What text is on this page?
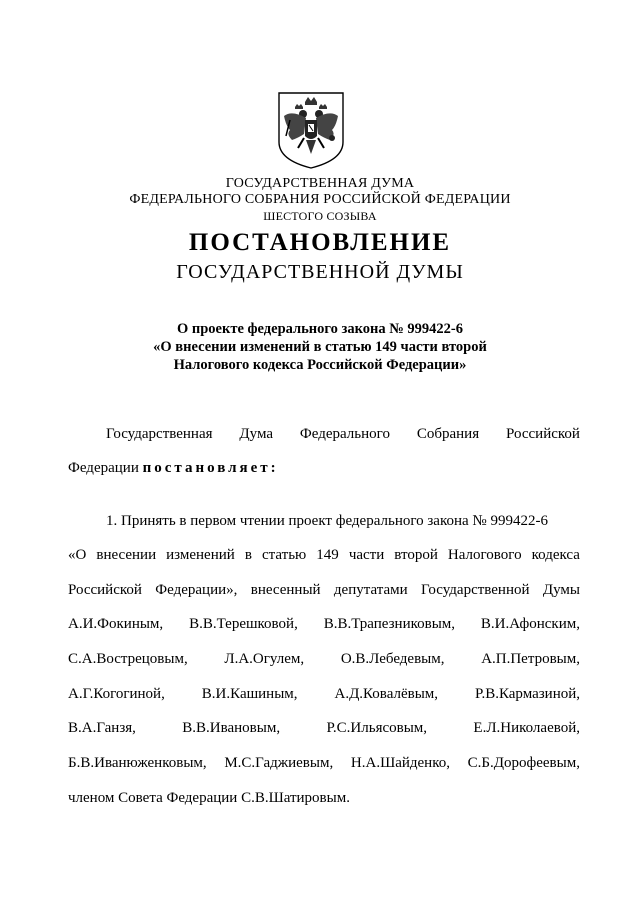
ГОСУДАРСТВЕННАЯ ДУМА
ФЕДЕРАЛЬНОГО СОБРАНИЯ РОССИЙСКОЙ ФЕДЕРАЦИИ
ШЕСТОГО СОЗЫВА
ПОСТАНОВЛЕНИЕ
ГОСУДАРСТВЕННОЙ ДУМЫ
О проекте федерального закона № 999422-6
«О внесении изменений в статью 149 части второй
Налогового кодекса Российской Федерации»
Государственная Дума Федерального Собрания Российской
Федерации постановляет:
1. Принять в первом чтении проект федерального закона № 999422-6
«О внесении изменений в статью 149 части второй Налогового кодекса
Российской Федерации», внесенный депутатами Государственной Думы
А.И.Фокиным, В.В.Терешковой, В.В.Трапезниковым, В.И.Афонским,
С.А.Вострецовым, Л.А.Огулем, О.В.Лебедевым, А.П.Петровым,
А.Г.Когогиной, В.И.Кашиным, А.Д.Ковалёвым, Р.В.Кармазиной,
В.А.Ганзя,	В.В.Ивановым,	Р.С.Ильясовым,	Е.Л.Николаевой,
Б.В.Иванюженковым, М.С.Гаджиевым, Н.А.Шайденко, С.Б.Дорофеевым,
членом Совета Федерации С.В.Шатировым.
